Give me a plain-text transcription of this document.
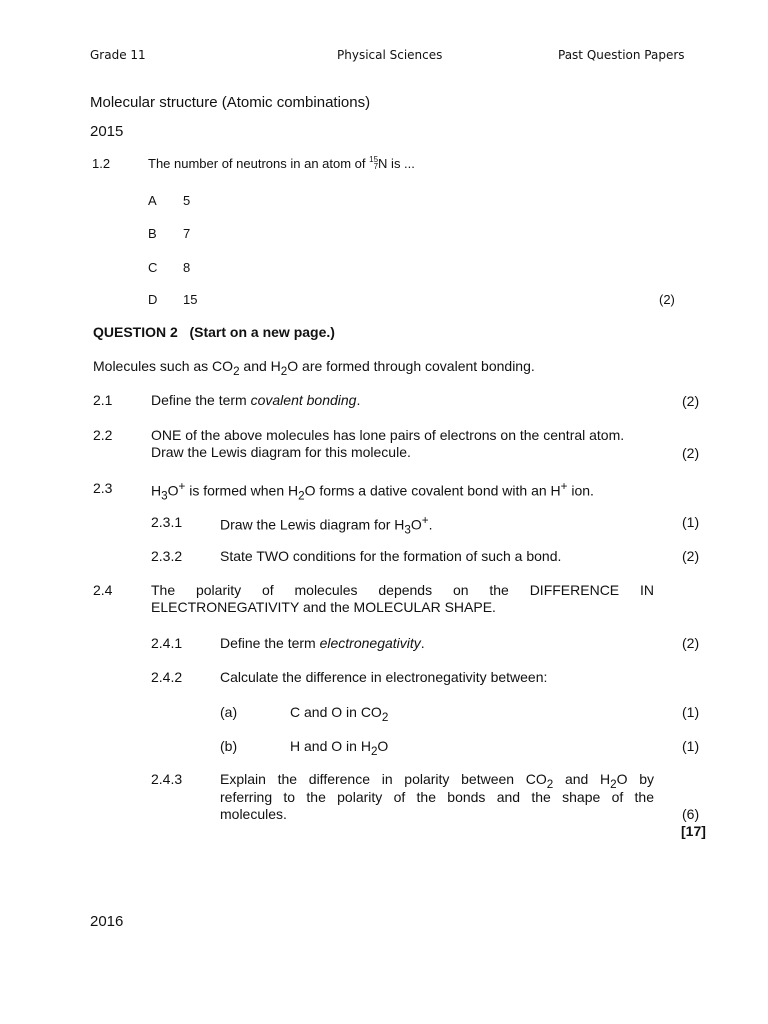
Grade 11	Physical Sciences	Past Question Papers
Molecular structure (Atomic combinations)
2015
1.2	The number of neutrons in an atom of 15
7 N is ...
A 5
B 7
C 8
D 15	(2)
QUESTION 2 (Start on a new page.)
Molecules such as $CO_2$ and $H_2O$ are formed through covalent bonding.
2.1	Define the term covalent bonding.	(2)
2.2	ONE of the above molecules has lone pairs of electrons on the central atom.
Draw the Lewis diagram for this molecule.	(2)
2.3	$H_3O^+$ is formed when $H_2O$ forms a dative covalent bond with an H+ ion.
2.3.1	Draw the Lewis diagram for $H_3O^+$.	(1)
2.3.2	State TWO conditions for the formation of such a bond.	(2)
2.4	The polarity of molecules depends on the DIFFERENCE IN
ELECTRONEGATIVITY and the MOLECULAR SHAPE.
2.4.1	Define the term electronegativity.	(2)
2.4.2	Calculate the difference in electronegativity between:
(a)	C and O in $CO_2$	(1)
(b)	H and O in $H_2O$	(1)
2.4.3	Explain the difference in polarity between $CO_2$ and $H_2O$ by
referring to the polarity of the bonds and the shape of the
molecules.	(6)
[17]
2016
